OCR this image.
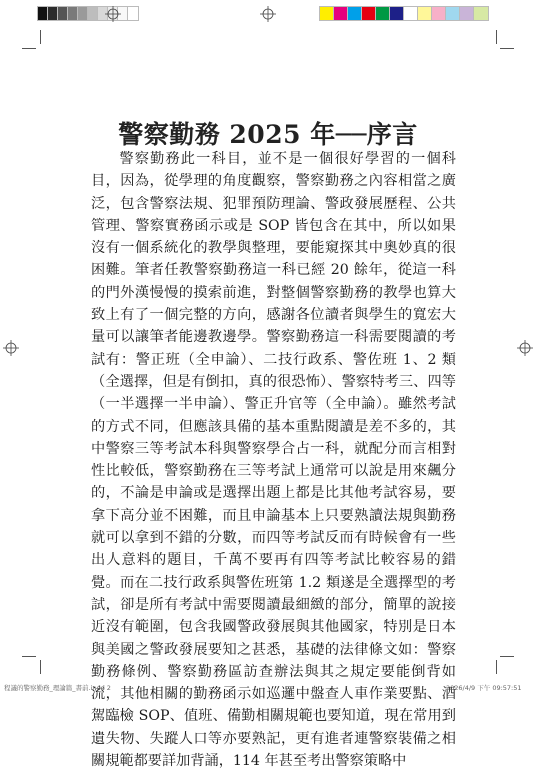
警察勤務 2025 年──序言

警察勤務此一科目，並不是一個很好學習的一個科目，因為，從學理的角度觀察，警察勤務之內容相當之廣泛，包含警察法規、犯罪預防理論、警政發展歷程、公共管理、警察實務函示或是 SOP 皆包含在其中，所以如果沒有一個系統化的教學與整理，要能窺探其中奧妙真的很困難。筆者任教警察勤務這一科已經 20 餘年，從這一科的門外漢慢慢的摸索前進，對整個警察勤務的教學也算大致上有了一個完整的方向，感謝各位讀者與學生的寬宏大量可以讓筆者能邊教邊學。警察勤務這一科需要閱讀的考試有：警正班（全申論）、二技行政系、警佐班 1、2 類（全選擇，但是有倒扣，真的很恐怖）、警察特考三、四等（一半選擇一半申論）、警正升官等（全申論）。雖然考試的方式不同，但應該具備的基本重點閱讀是差不多的，其中警察三等考試本科與警察學合占一科，就配分而言相對性比較低，警察勤務在三等考試上通常可以說是用來飆分的，不論是申論或是選擇出題上都是比其他考試容易，要拿下高分並不困難，而且申論基本上只要熟讀法規與勤務就可以拿到不錯的分數，而四等考試反而有時候會有一些出人意料的題目，千萬不要再有四等考試比較容易的錯覺。而在二技行政系與警佐班第 1.2 類遂是全選擇型的考試，卻是所有考試中需要閱讀最細緻的部分，簡單的說接近沒有範圍，包含我國警政發展與其他國家，特別是日本與美國之警政發展要知之甚悉，基礎的法律條文如：警察勤務條例、警察勤務區訪查辦法與其之規定要能倒背如流，其他相關的勤務函示如巡邏中盤查人車作業要點、酒駕臨檢 SOP、值班、備勤相關規範也要知道，現在常用到遺失物、失蹤人口等亦要熟記，更有進者連警察裝備之相關規範都要詳加背誦，114 年甚至考出警察策略中

程議的警察勤務_理論篇_書前.indd 2	2026/4/9 下午 09:57:51
